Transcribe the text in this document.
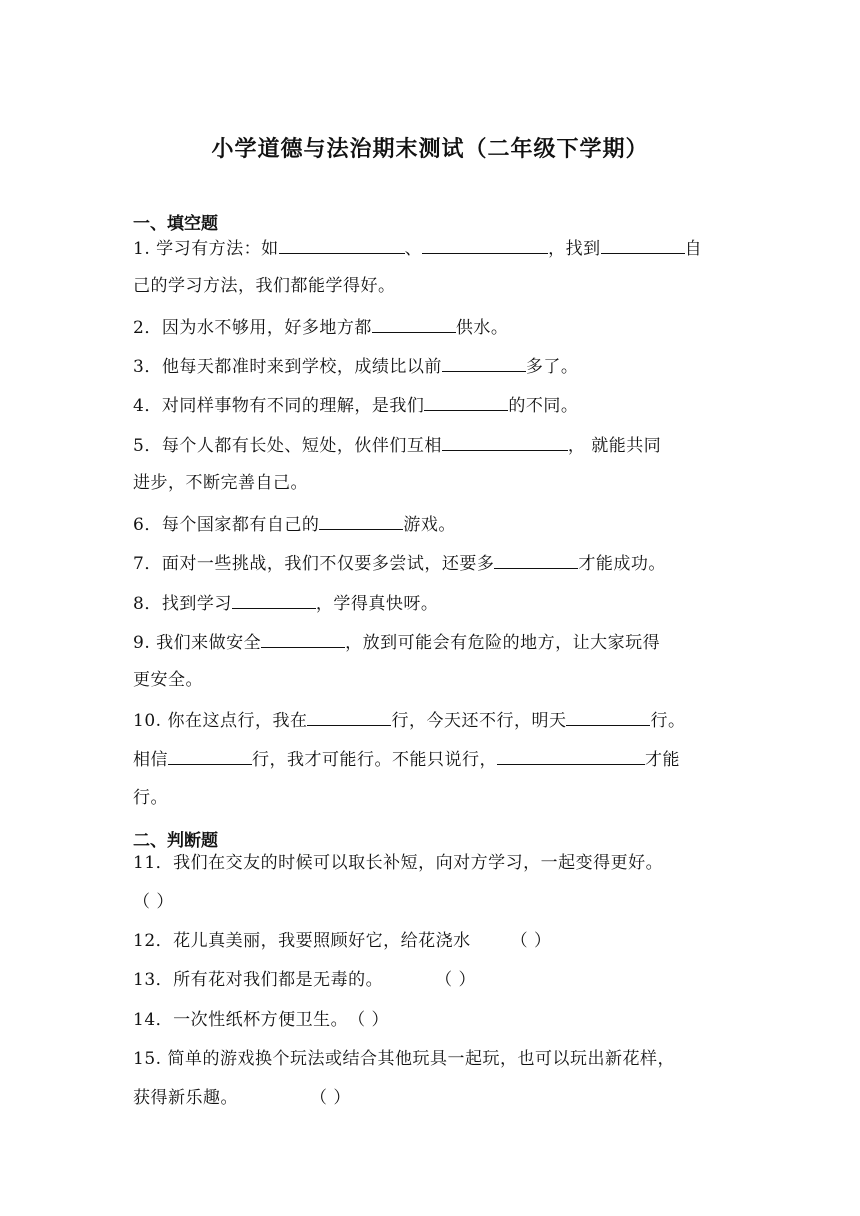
小学道德与法治期末测试（二年级下学期）
一、填空题
1. 学习有方法：如	、	，找到	自
己的学习方法，我们都能学得好。
2．因为水不够用，好多地方都	供水。
3．他每天都准时来到学校，成绩比以前	多了。
4．对同样事物有不同的理解，是我们	的不同。
5．每个人都有长处、短处，伙伴们互相	， 就能共同
进步，不断完善自己。
6．每个国家都有自己的	游戏。
7．面对一些挑战，我们不仅要多尝试，还要多	才能成功。
8．找到学习	，学得真快呀。
9. 我们来做安全	，放到可能会有危险的地方，让大家玩得
更安全。
10. 你在这点行，我在	行，今天还不行，明天	行。
相信	行，我才可能行。不能只说行，	才能
行。
二、判断题
11．我们在交友的时候可以取长补短，向对方学习，一起变得更好。
（ ）
12．花儿真美丽，我要照顾好它，给花浇水 （ ）
13．所有花对我们都是无毒的。	（ ）
14．一次性纸杯方便卫生。（ ）
15. 简单的游戏换个玩法或结合其他玩具一起玩，也可以玩出新花样，
获得新乐趣。	（ ）
